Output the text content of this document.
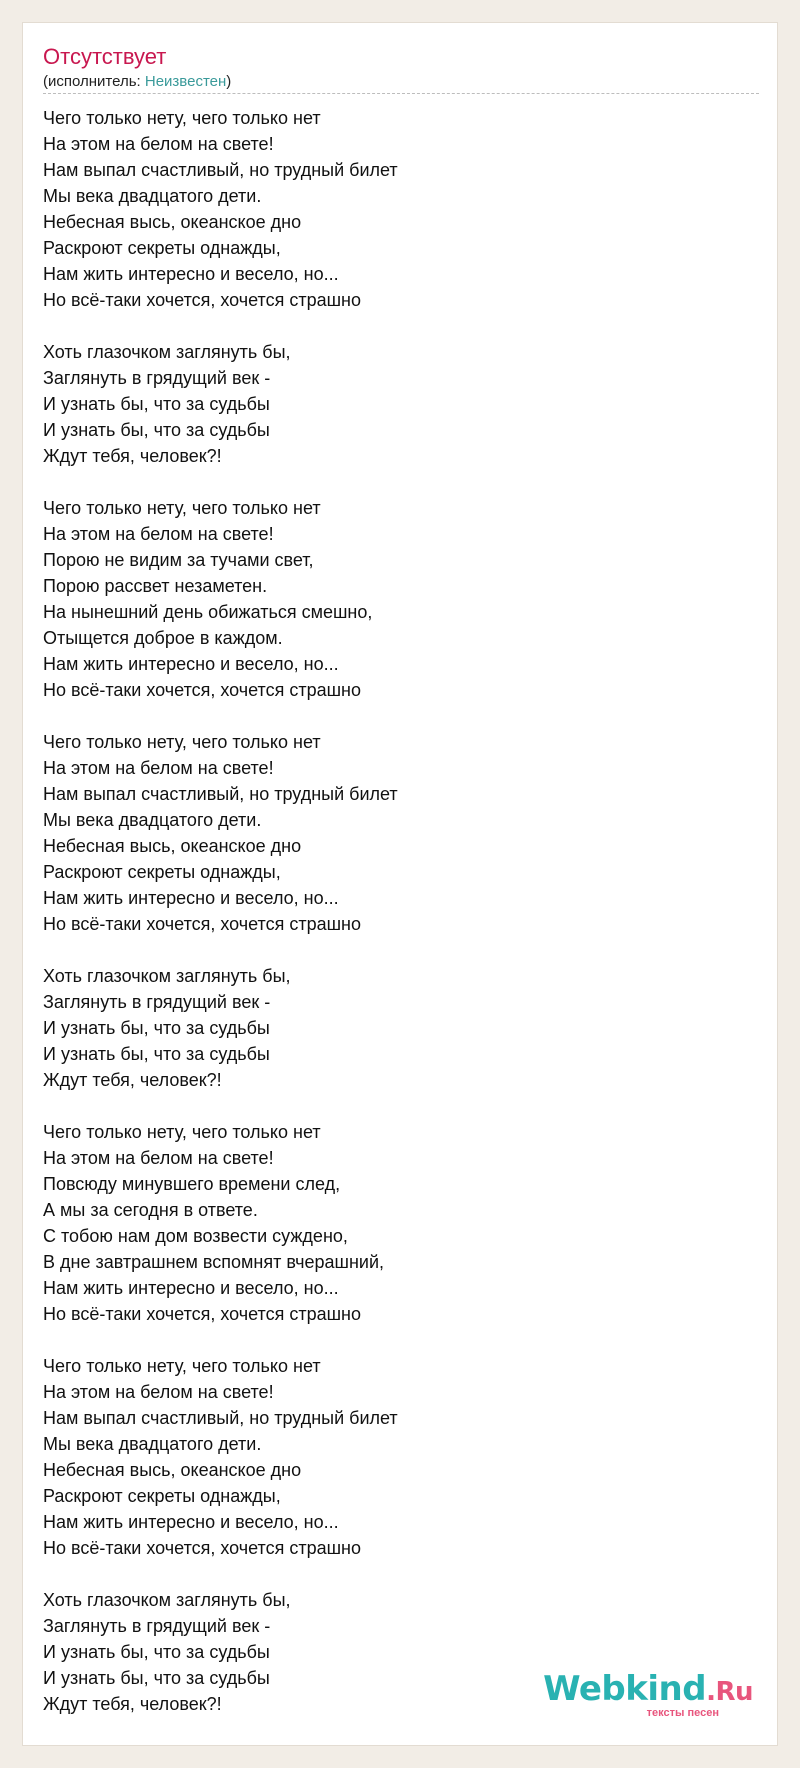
Отсутствует
(исполнитель: Неизвестен)
Чего только нету, чего только нет
На этом на белом на свете!
Нам выпал счастливый, но трудный билет
Мы века двадцатого дети.
Небесная высь, океанское дно
Раскроют секреты однажды,
Нам жить интересно и весело, но...
Но всё-таки хочется, хочется страшно
Хоть глазочком заглянуть бы,
Заглянуть в грядущий век -
И узнать бы, что за судьбы
И узнать бы, что за судьбы
Ждут тебя, человек?!
Чего только нету, чего только нет
На этом на белом на свете!
Порою не видим за тучами свет,
Порою рассвет незаметен.
На нынешний день обижаться смешно,
Отыщется доброе в каждом.
Нам жить интересно и весело, но...
Но всё-таки хочется, хочется страшно
Чего только нету, чего только нет
На этом на белом на свете!
Нам выпал счастливый, но трудный билет
Мы века двадцатого дети.
Небесная высь, океанское дно
Раскроют секреты однажды,
Нам жить интересно и весело, но...
Но всё-таки хочется, хочется страшно
Хоть глазочком заглянуть бы,
Заглянуть в грядущий век -
И узнать бы, что за судьбы
И узнать бы, что за судьбы
Ждут тебя, человек?!
Чего только нету, чего только нет
На этом на белом на свете!
Повсюду минувшего времени след,
А мы за сегодня в ответе.
С тобою нам дом возвести суждено,
В дне завтрашнем вспомнят вчерашний,
Нам жить интересно и весело, но...
Но всё-таки хочется, хочется страшно
Чего только нету, чего только нет
На этом на белом на свете!
Нам выпал счастливый, но трудный билет
Мы века двадцатого дети.
Небесная высь, океанское дно
Раскроют секреты однажды,
Нам жить интересно и весело, но...
Но всё-таки хочется, хочется страшно
Хоть глазочком заглянуть бы,
Заглянуть в грядущий век -
И узнать бы, что за судьбы
И узнать бы, что за судьбы
Ждут тебя, человек?!	Webkind.Ru
тексты песен
